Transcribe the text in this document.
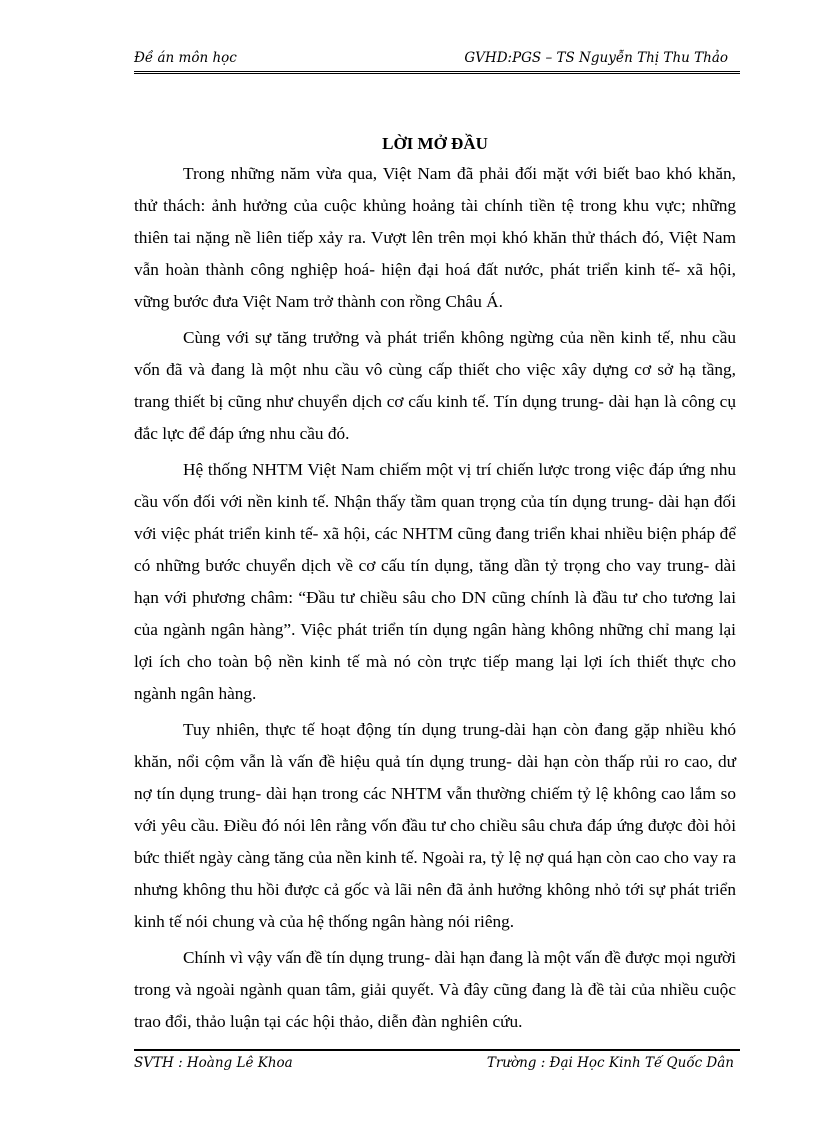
Đề án môn học	GVHD:PGS – TS Nguyễn Thị Thu Thảo
LỜI MỞ ĐẦU

Trong những năm vừa qua, Việt Nam đã phải đối mặt với biết bao khó khăn, thử thách: ảnh hưởng của cuộc khủng hoảng tài chính tiền tệ trong khu vực; những thiên tai nặng nề liên tiếp xảy ra. Vượt lên trên mọi khó khăn thử thách đó, Việt Nam vẫn hoàn thành công nghiệp hoá- hiện đại hoá đất nước, phát triển kinh tế- xã hội, vững bước đưa Việt Nam trở thành con rồng Châu Á.

Cùng với sự tăng trưởng và phát triển không ngừng của nền kinh tế, nhu cầu vốn đã và đang là một nhu cầu vô cùng cấp thiết cho việc xây dựng cơ sở hạ tầng, trang thiết bị cũng như chuyển dịch cơ cấu kinh tế. Tín dụng trung- dài hạn là công cụ đắc lực để đáp ứng nhu cầu đó.

Hệ thống NHTM Việt Nam chiếm một vị trí chiến lược trong việc đáp ứng nhu cầu vốn đối với nền kinh tế. Nhận thấy tầm quan trọng của tín dụng trung- dài hạn đối với việc phát triển kinh tế- xã hội, các NHTM cũng đang triển khai nhiều biện pháp để có những bước chuyển dịch về cơ cấu tín dụng, tăng dần tỷ trọng cho vay trung- dài hạn với phương châm: “Đầu tư chiều sâu cho DN cũng chính là đầu tư cho tương lai của ngành ngân hàng”. Việc phát triển tín dụng ngân hàng không những chỉ mang lại lợi ích cho toàn bộ nền kinh tế mà nó còn trực tiếp mang lại lợi ích thiết thực cho ngành ngân hàng.

Tuy nhiên, thực tế hoạt động tín dụng trung-dài hạn còn đang gặp nhiều khó khăn, nổi cộm vẫn là vấn đề hiệu quả tín dụng trung- dài hạn còn thấp rủi ro cao, dư nợ tín dụng trung- dài hạn trong các NHTM vẫn thường chiếm tỷ lệ không cao lắm so với yêu cầu. Điều đó nói lên rằng vốn đầu tư cho chiều sâu chưa đáp ứng được đòi hỏi bức thiết ngày càng tăng của nền kinh tế. Ngoài ra, tỷ lệ nợ quá hạn còn cao cho vay ra nhưng không thu hồi được cả gốc và lãi nên đã ảnh hưởng không nhỏ tới sự phát triển kinh tế nói chung và của hệ thống ngân hàng nói riêng.

Chính vì vậy vấn đề tín dụng trung- dài hạn đang là một vấn đề được mọi người trong và ngoài ngành quan tâm, giải quyết. Và đây cũng đang là đề tài của nhiều cuộc trao đổi, thảo luận tại các hội thảo, diễn đàn nghiên cứu.

SVTH : Hoàng Lê Khoa	Trường : Đại Học Kinh Tế Quốc Dân
